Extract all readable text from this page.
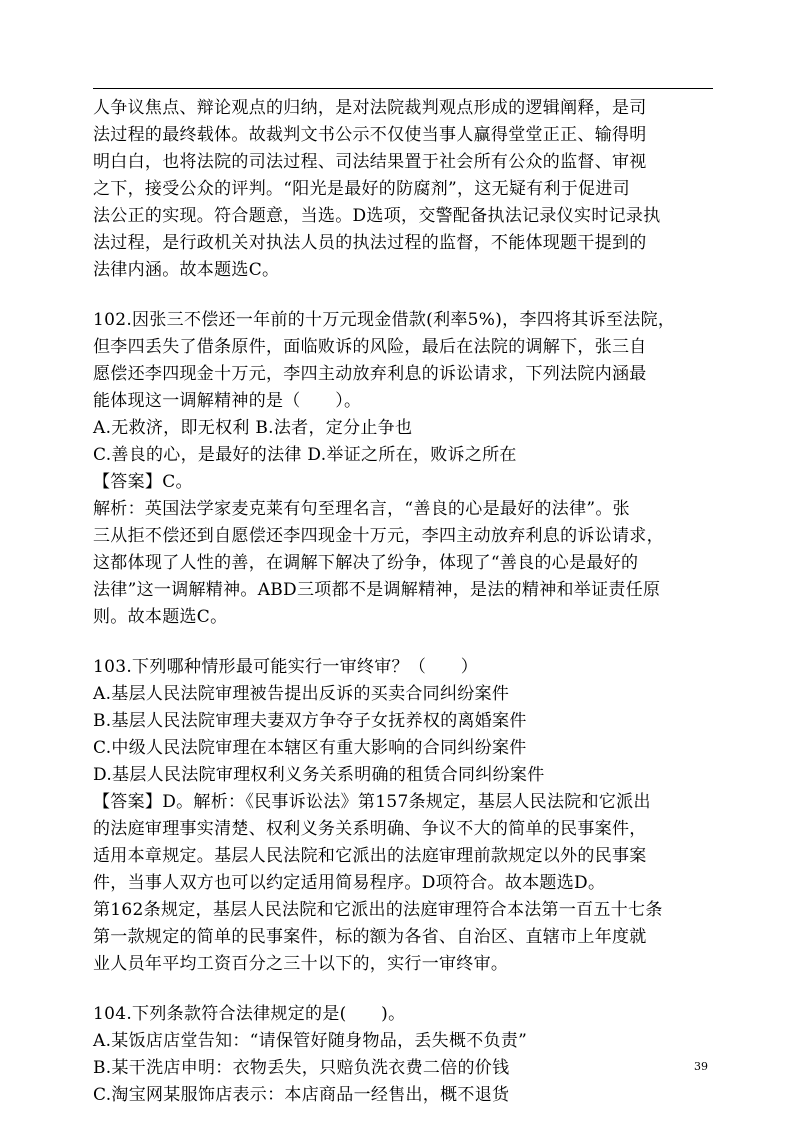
人争议焦点、辩论观点的归纳，是对法院裁判观点形成的逻辑阐释，是司
法过程的最终载体。故裁判文书公示不仅使当事人赢得堂堂正正、输得明
明白白，也将法院的司法过程、司法结果置于社会所有公众的监督、审视
之下，接受公众的评判。“阳光是最好的防腐剂”，这无疑有利于促进司
法公正的实现。符合题意，当选。D选项，交警配备执法记录仪实时记录执
法过程，是行政机关对执法人员的执法过程的监督，不能体现题干提到的
法律内涵。故本题选C。
102.因张三不偿还一年前的十万元现金借款(利率5%)，李四将其诉至法院，
但李四丢失了借条原件，面临败诉的风险，最后在法院的调解下，张三自
愿偿还李四现金十万元，李四主动放弃利息的诉讼请求，下列法院内涵最
能体现这一调解精神的是（　　）。
A.无救济，即无权利 B.法者，定分止争也
C.善良的心，是最好的法律 D.举证之所在，败诉之所在
【答案】C。
解析：英国法学家麦克莱有句至理名言，“善良的心是最好的法律”。张
三从拒不偿还到自愿偿还李四现金十万元，李四主动放弃利息的诉讼请求，
这都体现了人性的善，在调解下解决了纷争，体现了“善良的心是最好的
法律”这一调解精神。ABD三项都不是调解精神，是法的精神和举证责任原
则。故本题选C。
103.下列哪种情形最可能实行一审终审？（　　）
A.基层人民法院审理被告提出反诉的买卖合同纠纷案件
B.基层人民法院审理夫妻双方争夺子女抚养权的离婚案件
C.中级人民法院审理在本辖区有重大影响的合同纠纷案件
D.基层人民法院审理权利义务关系明确的租赁合同纠纷案件
【答案】D。解析：《民事诉讼法》第157条规定，基层人民法院和它派出
的法庭审理事实清楚、权利义务关系明确、争议不大的简单的民事案件，
适用本章规定。基层人民法院和它派出的法庭审理前款规定以外的民事案
件，当事人双方也可以约定适用简易程序。D项符合。故本题选D。
第162条规定，基层人民法院和它派出的法庭审理符合本法第一百五十七条
第一款规定的简单的民事案件，标的额为各省、自治区、直辖市上年度就
业人员年平均工资百分之三十以下的，实行一审终审。
104.下列条款符合法律规定的是(　　)。
A.某饭店店堂告知：“请保管好随身物品，丢失概不负责”
B.某干洗店申明：衣物丢失，只赔负洗衣费二倍的价钱
C.淘宝网某服饰店表示：本店商品一经售出，概不退货
39
